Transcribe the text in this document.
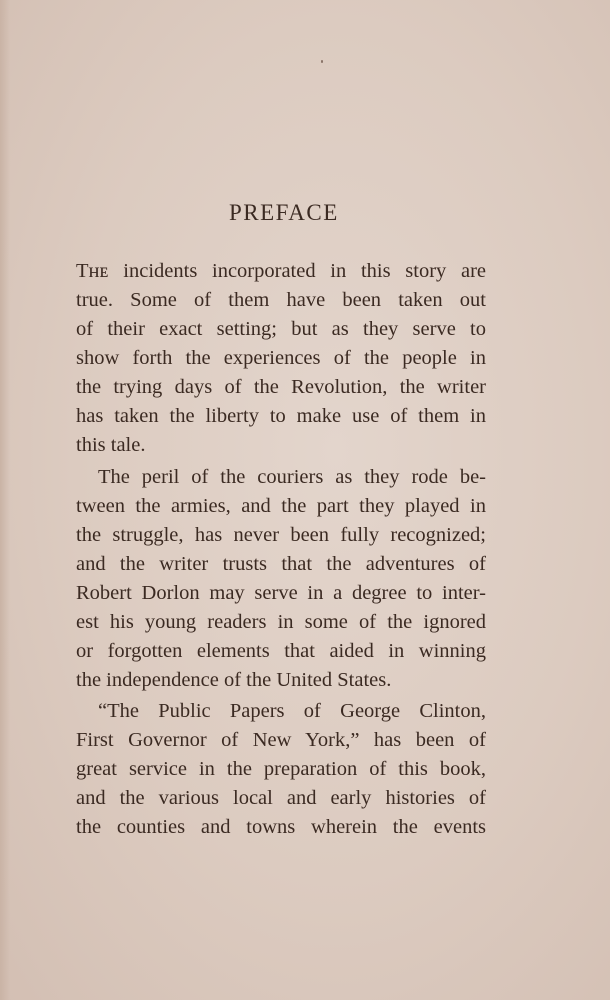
PREFACE
Tʜᴇ incidents incorporated in this story are
true. Some of them have been taken out
of their exact setting; but as they serve to
show forth the experiences of the people in
the trying days of the Revolution, the writer
has taken the liberty to make use of them in
this tale.
The peril of the couriers as they rode be-
tween the armies, and the part they played in
the struggle, has never been fully recognized;
and the writer trusts that the adventures of
Robert Dorlon may serve in a degree to inter-
est his young readers in some of the ignored
or forgotten elements that aided in winning
the independence of the United States.
“The Public Papers of George Clinton,
First Governor of New York,” has been of
great service in the preparation of this book,
and the various local and early histories of
the counties and towns wherein the events
